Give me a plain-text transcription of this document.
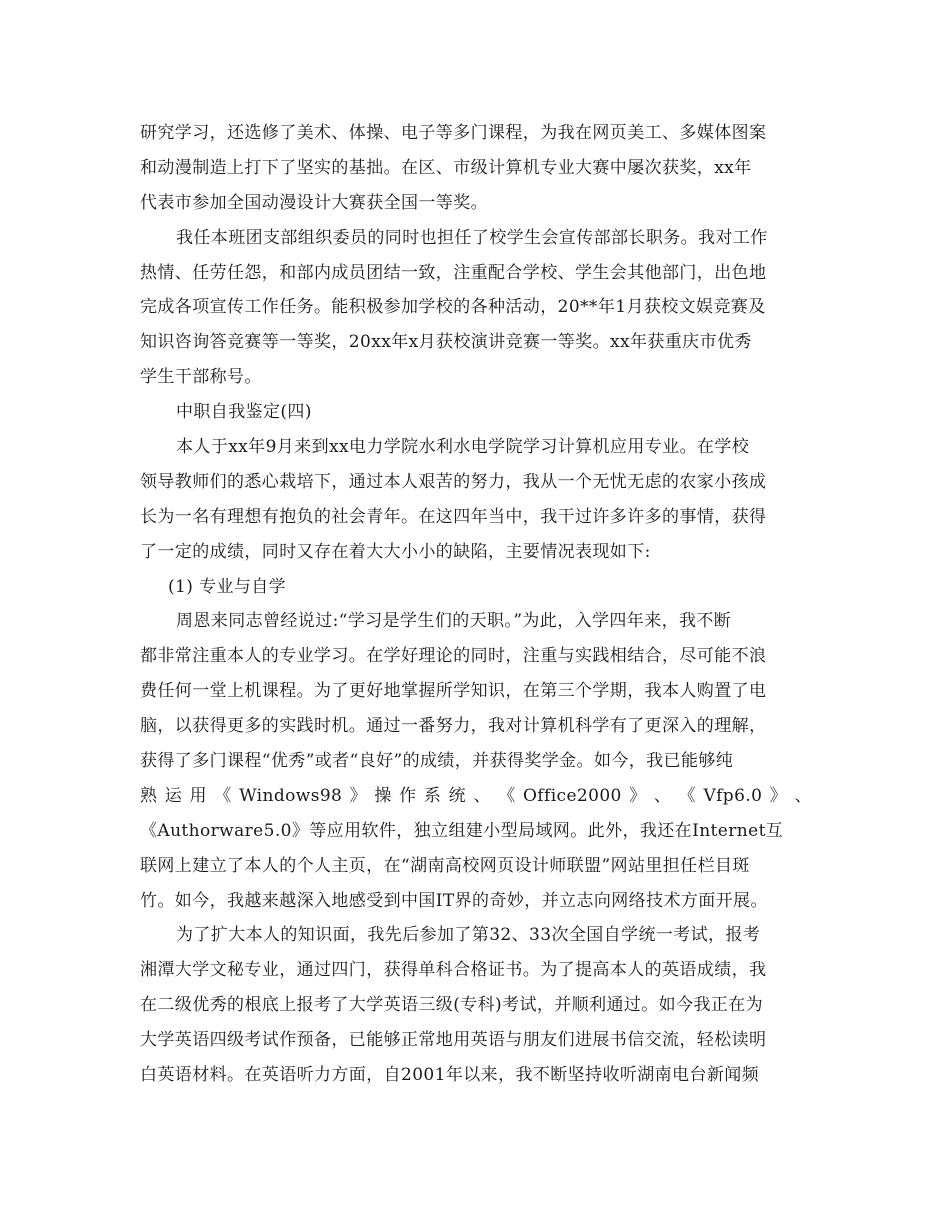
研究学习，还选修了美术、体操、电子等多门课程，为我在网页美工、多媒体图案
和动漫制造上打下了坚实的基拙。在区、市级计算机专业大赛中屡次获奖，xx年
代表市参加全国动漫设计大赛获全国一等奖。
我任本班团支部组织委员的同时也担任了校学生会宣传部部长职务。我对工作
热情、任劳任怨，和部内成员团结一致，注重配合学校、学生会其他部门，出色地
完成各项宣传工作任务。能积极参加学校的各种活动，20**年1月获校文娱竞赛及
知识咨询答竞赛等一等奖，20xx年x月获校演讲竞赛一等奖。xx年获重庆市优秀
学生干部称号。
中职自我鉴定(四)
本人于xx年9月来到xx电力学院水利水电学院学习计算机应用专业。在学校
领导教师们的悉心栽培下，通过本人艰苦的努力，我从一个无忧无虑的农家小孩成
长为一名有理想有抱负的社会青年。在这四年当中，我干过许多许多的事情，获得
了一定的成绩，同时又存在着大大小小的缺陷，主要情况表现如下:
(1) 专业与自学
周恩来同志曾经说过:“学习是学生们的天职。”为此，入学四年来，我不断
都非常注重本人的专业学习。在学好理论的同时，注重与实践相结合，尽可能不浪
费任何一堂上机课程。为了更好地掌握所学知识，在第三个学期，我本人购置了电
脑，以获得更多的实践时机。通过一番努力，我对计算机科学有了更深入的理解，
获得了多门课程“优秀”或者“良好”的成绩，并获得奖学金。如今，我已能够纯
熟 运 用 《 Windows98 》 操 作 系 统 、 《 Office2000 》 、 《 Vfp6.0 》 、
《Authorware5.0》等应用软件，独立组建小型局域网。此外，我还在Internet互
联网上建立了本人的个人主页，在“湖南高校网页设计师联盟”网站里担任栏目斑
竹。如今，我越来越深入地感受到中国IT界的奇妙，并立志向网络技术方面开展。
为了扩大本人的知识面，我先后参加了第32、33次全国自学统一考试，报考
湘潭大学文秘专业，通过四门，获得单科合格证书。为了提高本人的英语成绩，我
在二级优秀的根底上报考了大学英语三级(专科)考试，并顺利通过。如今我正在为
大学英语四级考试作预备，已能够正常地用英语与朋友们进展书信交流，轻松读明
白英语材料。在英语听力方面，自2001年以来，我不断坚持收听湖南电台新闻频
